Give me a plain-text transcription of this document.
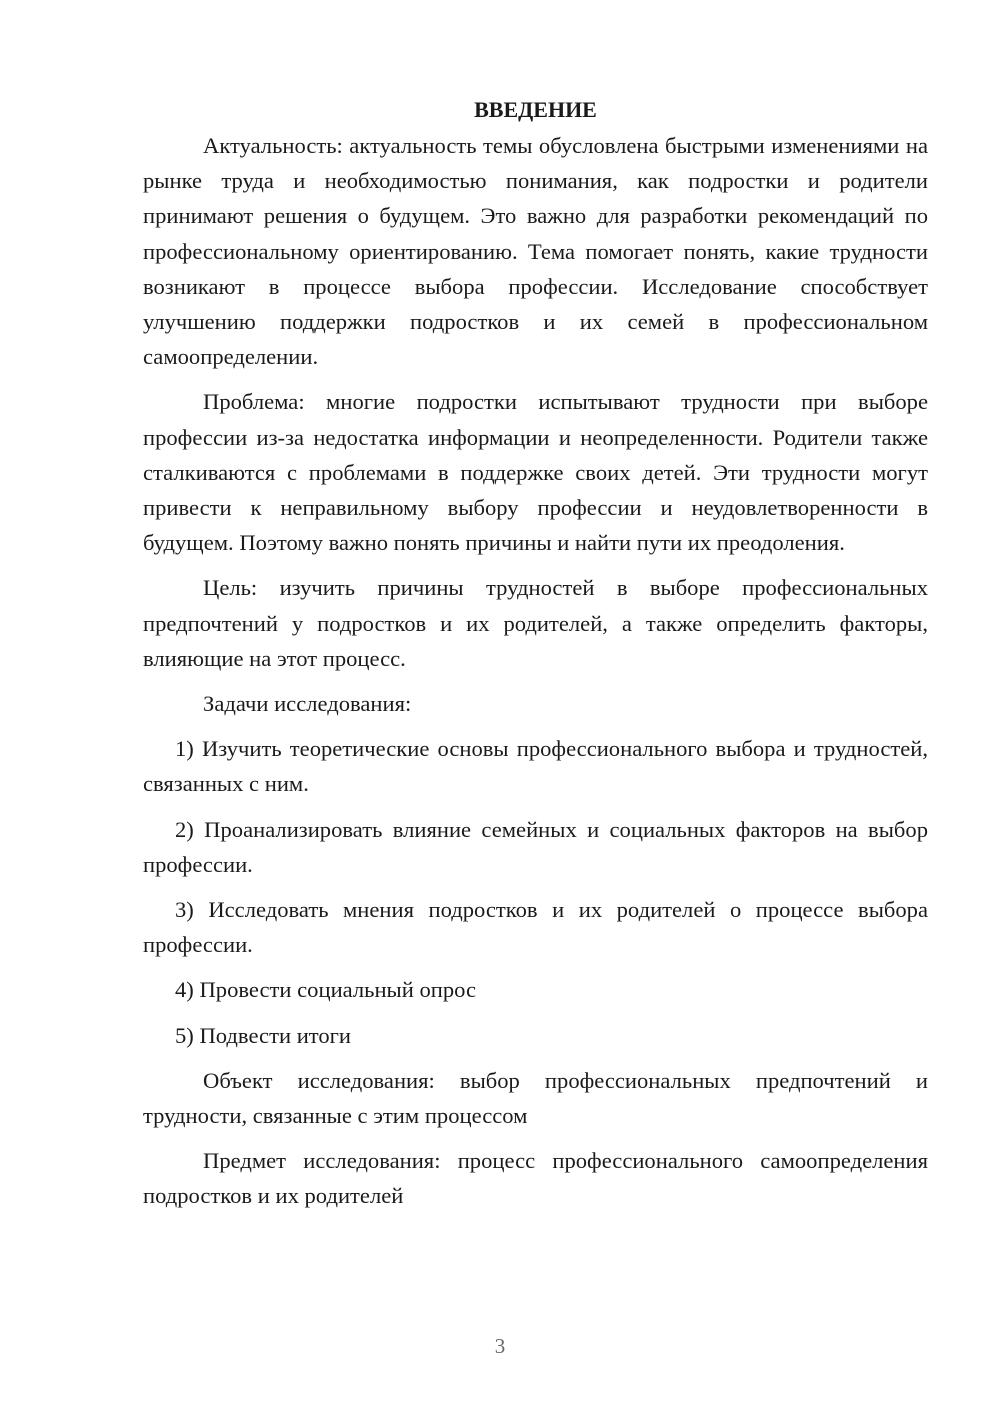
ВВЕДЕНИЕ

Актуальность: актуальность темы обусловлена быстрыми изменениями на рынке труда и необходимостью понимания, как подростки и родители принимают решения о будущем. Это важно для разработки рекомендаций по профессиональному ориентированию. Тема помогает понять, какие трудности возникают в процессе выбора профессии. Исследование способствует улучшению поддержки подростков и их семей в профессиональном самоопределении.

Проблема: многие подростки испытывают трудности при выборе профессии из-за недостатка информации и неопределенности. Родители также сталкиваются с проблемами в поддержке своих детей. Эти трудности могут привести к неправильному выбору профессии и неудовлетворенности в будущем. Поэтому важно понять причины и найти пути их преодоления.

Цель: изучить причины трудностей в выборе профессиональных предпочтений у подростков и их родителей, а также определить факторы, влияющие на этот процесс.

Задачи исследования:

1) Изучить теоретические основы профессионального выбора и трудностей, связанных с ним.

2) Проанализировать влияние семейных и социальных факторов на выбор профессии.

3) Исследовать мнения подростков и их родителей о процессе выбора профессии.

4) Провести социальный опрос

5) Подвести итоги

Объект исследования: выбор профессиональных предпочтений и трудности, связанные с этим процессом

Предмет исследования: процесс профессионального самоопределения подростков и их родителей

3
